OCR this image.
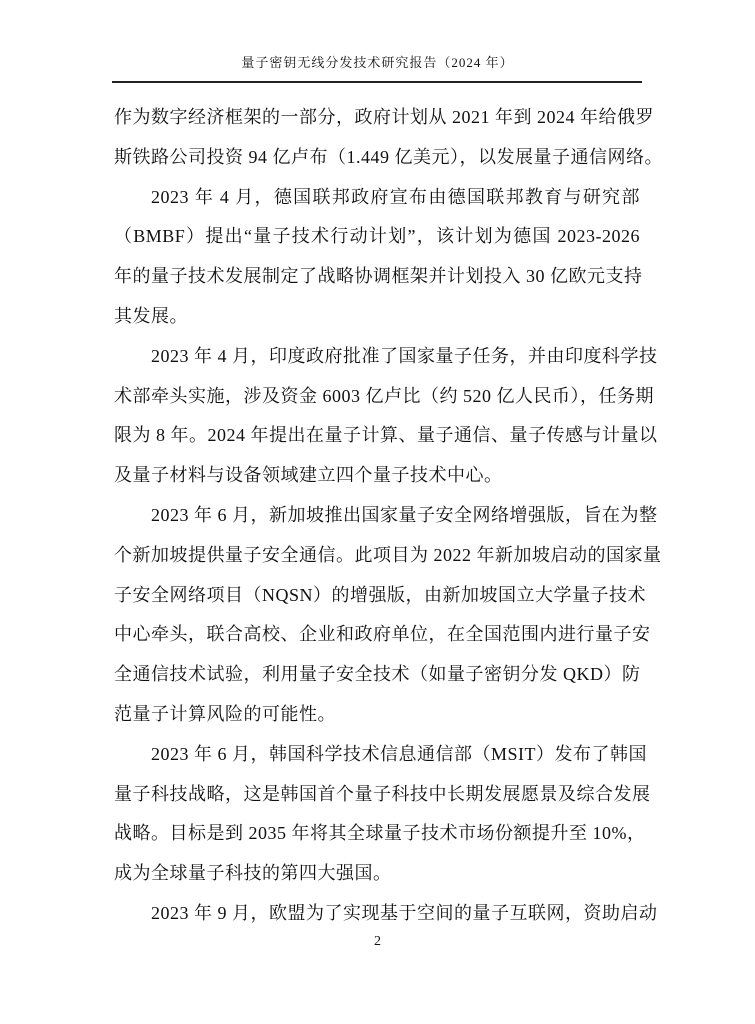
量子密钥无线分发技术研究报告（2024 年）
作为数字经济框架的一部分，政府计划从 2021 年到 2024 年给俄罗
斯铁路公司投资 94 亿卢布（1.449 亿美元），以发展量子通信网络。
2023 年 4 月，德国联邦政府宣布由德国联邦教育与研究部
（BMBF）提出“量子技术行动计划”，该计划为德国 2023-2026
年的量子技术发展制定了战略协调框架并计划投入 30 亿欧元支持
其发展。
2023 年 4 月，印度政府批准了国家量子任务，并由印度科学技
术部牵头实施，涉及资金 6003 亿卢比（约 520 亿人民币），任务期
限为 8 年。2024 年提出在量子计算、量子通信、量子传感与计量以
及量子材料与设备领域建立四个量子技术中心。
2023 年 6 月，新加坡推出国家量子安全网络增强版，旨在为整
个新加坡提供量子安全通信。此项目为 2022 年新加坡启动的国家量
子安全网络项目（NQSN）的增强版，由新加坡国立大学量子技术
中心牵头，联合高校、企业和政府单位，在全国范围内进行量子安
全通信技术试验，利用量子安全技术（如量子密钥分发 QKD）防
范量子计算风险的可能性。
2023 年 6 月，韩国科学技术信息通信部（MSIT）发布了韩国
量子科技战略，这是韩国首个量子科技中长期发展愿景及综合发展
战略。目标是到 2035 年将其全球量子技术市场份额提升至 10%，
成为全球量子科技的第四大强国。
2023 年 9 月，欧盟为了实现基于空间的量子互联网，资助启动
2
